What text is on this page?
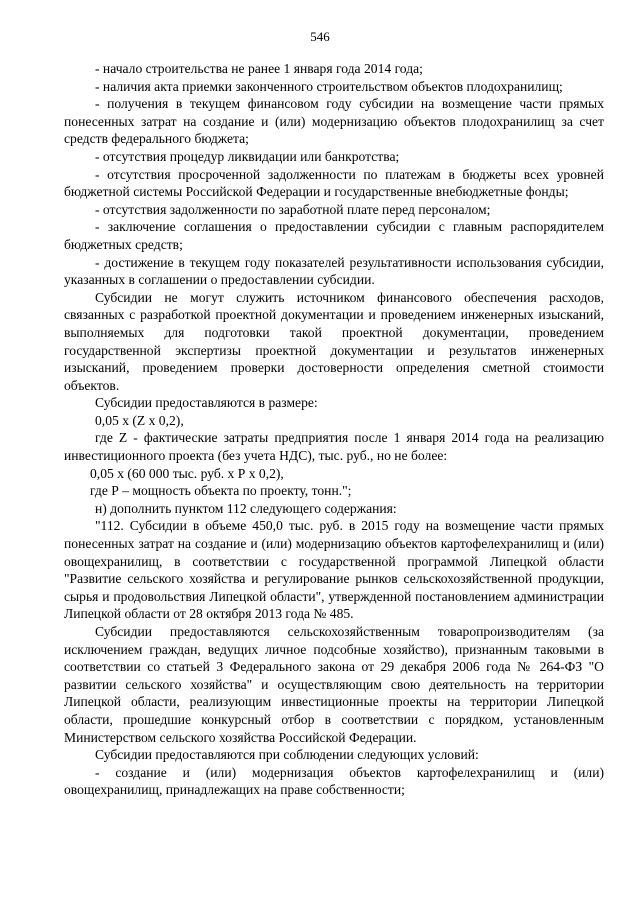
546

- начало строительства не ранее 1 января года 2014 года;

- наличия акта приемки законченного строительством объектов плодохранилищ;

- получения в текущем финансовом году субсидии на возмещение части прямых понесенных затрат на создание и (или) модернизацию объектов плодохранилищ за счет средств федерального бюджета;

- отсутствия процедур ликвидации или банкротства;

- отсутствия просроченной задолженности по платежам в бюджеты всех уровней бюджетной системы Российской Федерации и государственные внебюджетные фонды;

- отсутствия задолженности по заработной плате перед персоналом;

- заключение соглашения о предоставлении субсидии с главным распорядителем бюджетных средств;

- достижение в текущем году показателей результативности использования субсидии, указанных в соглашении о предоставлении субсидии.

Субсидии не могут служить источником финансового обеспечения расходов, связанных с разработкой проектной документации и проведением инженерных изысканий, выполняемых для подготовки такой проектной документации, проведением государственной экспертизы проектной документации и результатов инженерных изысканий, проведением проверки достоверности определения сметной стоимости объектов.

Субсидии предоставляются в размере:

0,05 х (Z х 0,2),

где Z - фактические затраты предприятия после 1 января 2014 года на реализацию инвестиционного проекта (без учета НДС), тыс. руб., но не более:

0,05 х (60 000 тыс. руб. х Р х 0,2),

где Р – мощность объекта по проекту, тонн.";

н) дополнить пунктом 112 следующего содержания:

"112. Субсидии в объеме 450,0 тыс. руб. в 2015 году на возмещение части прямых понесенных затрат на создание и (или) модернизацию объектов картофелехранилищ и (или) овощехранилищ, в соответствии с государственной программой Липецкой области "Развитие сельского хозяйства и регулирование рынков сельскохозяйственной продукции, сырья и продовольствия Липецкой области", утвержденной постановлением администрации Липецкой области от 28 октября 2013 года № 485.

Субсидии предоставляются сельскохозяйственным товаропроизводителям (за исключением граждан, ведущих личное подсобные хозяйство), признанным таковыми в соответствии со статьей 3 Федерального закона от 29 декабря 2006 года № 264-ФЗ "О развитии сельского хозяйства" и осуществляющим свою деятельность на территории Липецкой области, реализующим инвестиционные проекты на территории Липецкой области, прошедшие конкурсный отбор в соответствии с порядком, установленным Министерством сельского хозяйства Российской Федерации.

Субсидии предоставляются при соблюдении следующих условий:

- создание и (или) модернизация объектов картофелехранилищ и (или) овощехранилищ, принадлежащих на праве собственности;
